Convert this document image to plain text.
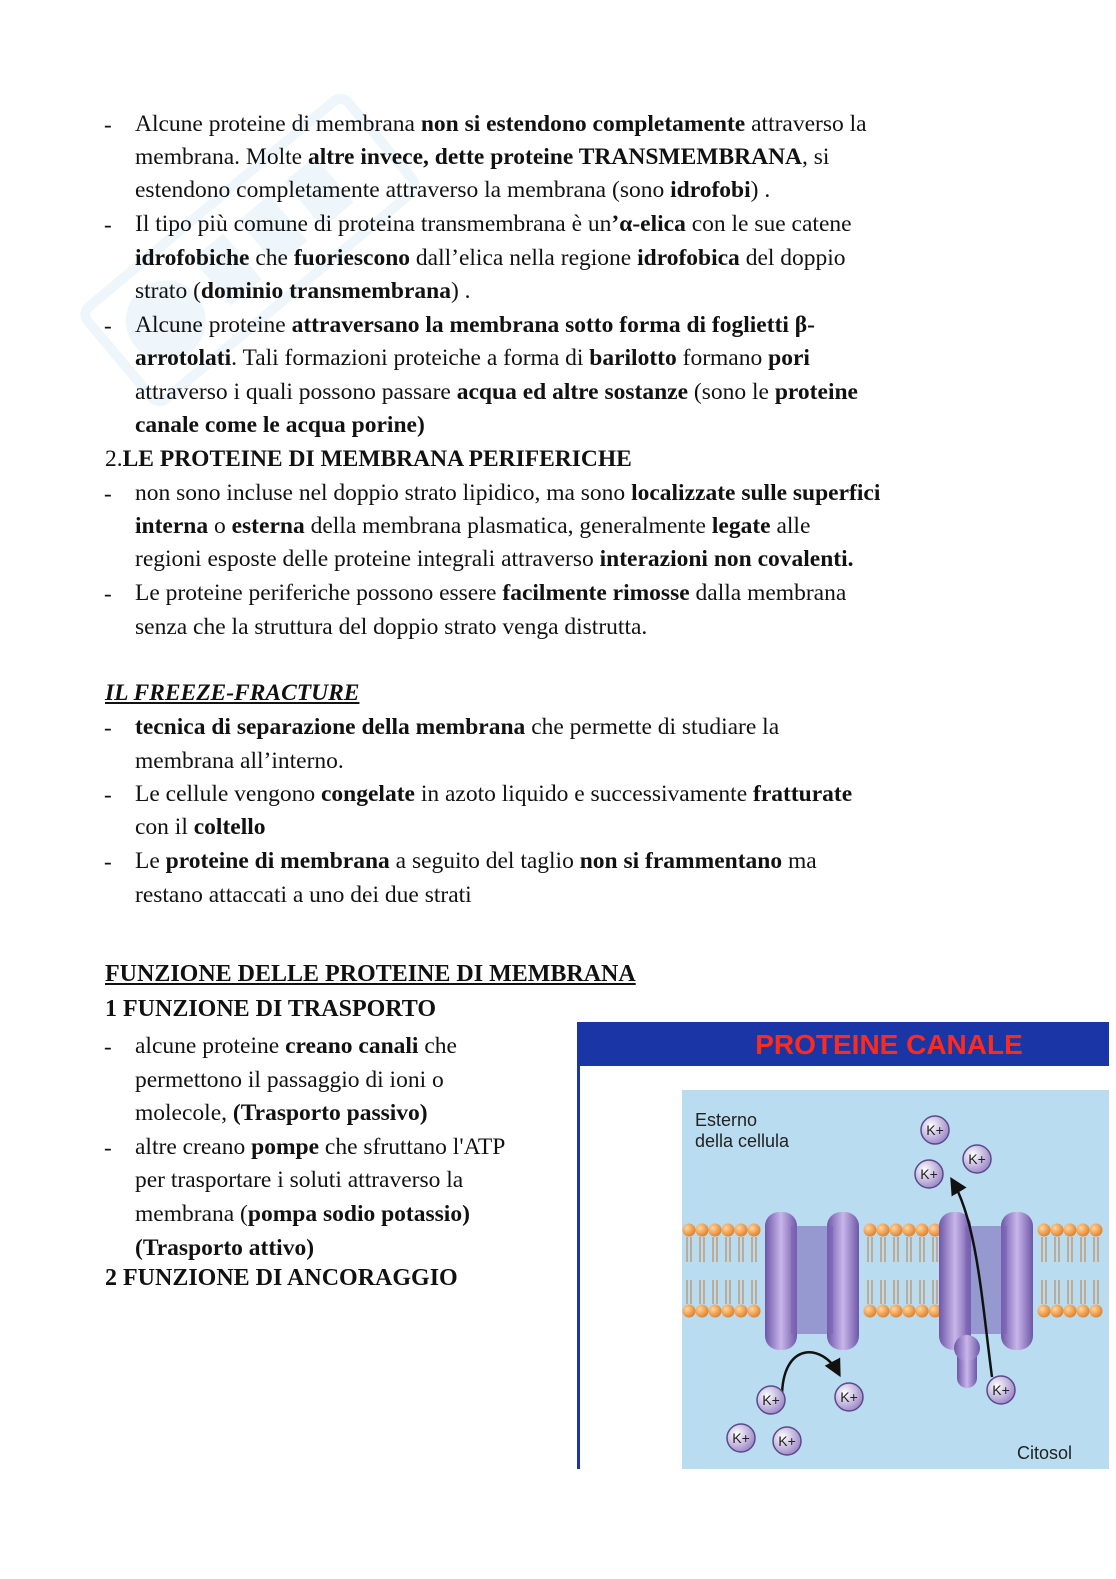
- Alcune proteine di membrana non si estendono completamente attraverso la
membrana. Molte altre invece, dette proteine TRANSMEMBRANA, si
estendono completamente attraverso la membrana (sono idrofobi) .
- Il tipo più comune di proteina transmembrana è un’α-elica con le sue catene
idrofobiche che fuoriescono dall’elica nella regione idrofobica del doppio
strato (dominio transmembrana) .
- Alcune proteine attraversano la membrana sotto forma di foglietti β-
arrotolati. Tali formazioni proteiche a forma di barilotto formano pori
attraverso i quali possono passare acqua ed altre sostanze (sono le proteine
canale come le acqua porine)
2.LE PROTEINE DI MEMBRANA PERIFERICHE
- non sono incluse nel doppio strato lipidico, ma sono localizzate sulle superfici
interna o esterna della membrana plasmatica, generalmente legate alle
regioni esposte delle proteine integrali attraverso interazioni non covalenti.
- Le proteine periferiche possono essere facilmente rimosse dalla membrana
senza che la struttura del doppio strato venga distrutta.
IL FREEZE-FRACTURE
- tecnica di separazione della membrana che permette di studiare la
membrana all’interno.
- Le cellule vengono congelate in azoto liquido e successivamente fratturate
con il coltello
- Le proteine di membrana a seguito del taglio non si frammentano ma
restano attaccati a uno dei due strati
FUNZIONE DELLE PROTEINE DI MEMBRANA
1 FUNZIONE DI TRASPORTO
- alcune proteine creano canali che
permettono il passaggio di ioni o
molecole, (Trasporto passivo)
- altre creano pompe che sfruttano l'ATP
per trasportare i soluti attraverso la
membrana (pompa sodio potassio)
(Trasporto attivo)
2 FUNZIONE DI ANCORAGGIO
PROTEINE CANALE
Esterno
della cellula
Citosol
K+
K+
K+
K+	K+
K+ K+
K+
